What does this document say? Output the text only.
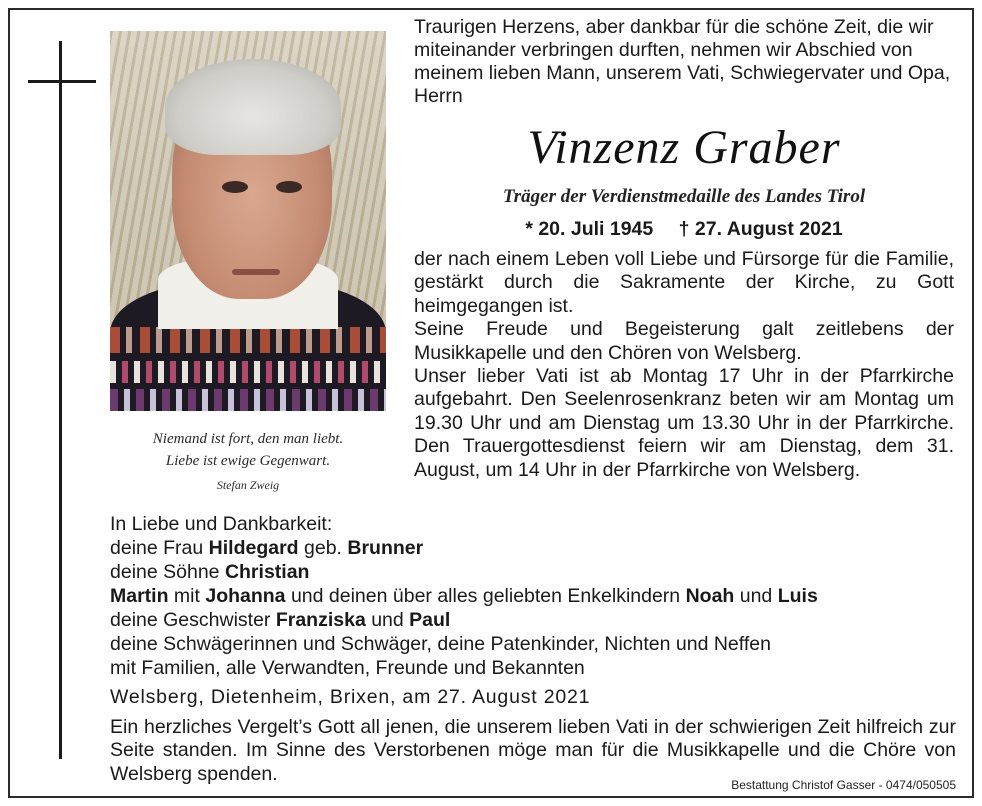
Niemand ist fort, den man liebt.
Liebe ist ewige Gegenwart.
Stefan Zweig
Traurigen Herzens, aber dankbar für die schöne Zeit, die wir miteinander verbringen durften, nehmen wir Abschied von meinem lieben Mann, unserem Vati, Schwiegervater und Opa, Herrn
Vinzenz Graber
Träger der Verdienstmedaille des Landes Tirol
* 20. Juli 1945 † 27. August 2021

der nach einem Leben voll Liebe und Fürsorge für die Familie, gestärkt durch die Sakramente der Kirche, zu Gott heimgegangen ist.

Seine Freude und Begeisterung galt zeitlebens der Musikkapelle und den Chören von Welsberg.

Unser lieber Vati ist ab Montag 17 Uhr in der Pfarrkirche aufgebahrt. Den Seelenrosenkranz beten wir am Montag um 19.30 Uhr und am Dienstag um 13.30 Uhr in der Pfarrkirche. Den Trauergottesdienst feiern wir am Dienstag, dem 31. August, um 14 Uhr in der Pfarrkirche von Welsberg.

In Liebe und Dankbarkeit:
deine Frau Hildegard geb. Brunner
deine Söhne Christian
Martin mit Johanna und deinen über alles geliebten Enkelkindern Noah und Luis
deine Geschwister Franziska und Paul
deine Schwägerinnen und Schwäger, deine Patenkinder, Nichten und Neffen
mit Familien, alle Verwandten, Freunde und Bekannten
Welsberg, Dietenheim, Brixen, am 27. August 2021
Ein herzliches Vergelt’s Gott all jenen, die unserem lieben Vati in der schwierigen Zeit hilfreich zur Seite standen. Im Sinne des Verstorbenen möge man für die Musikkapelle und die Chöre von Welsberg spenden.
Bestattung Christof Gasser - 0474/050505
